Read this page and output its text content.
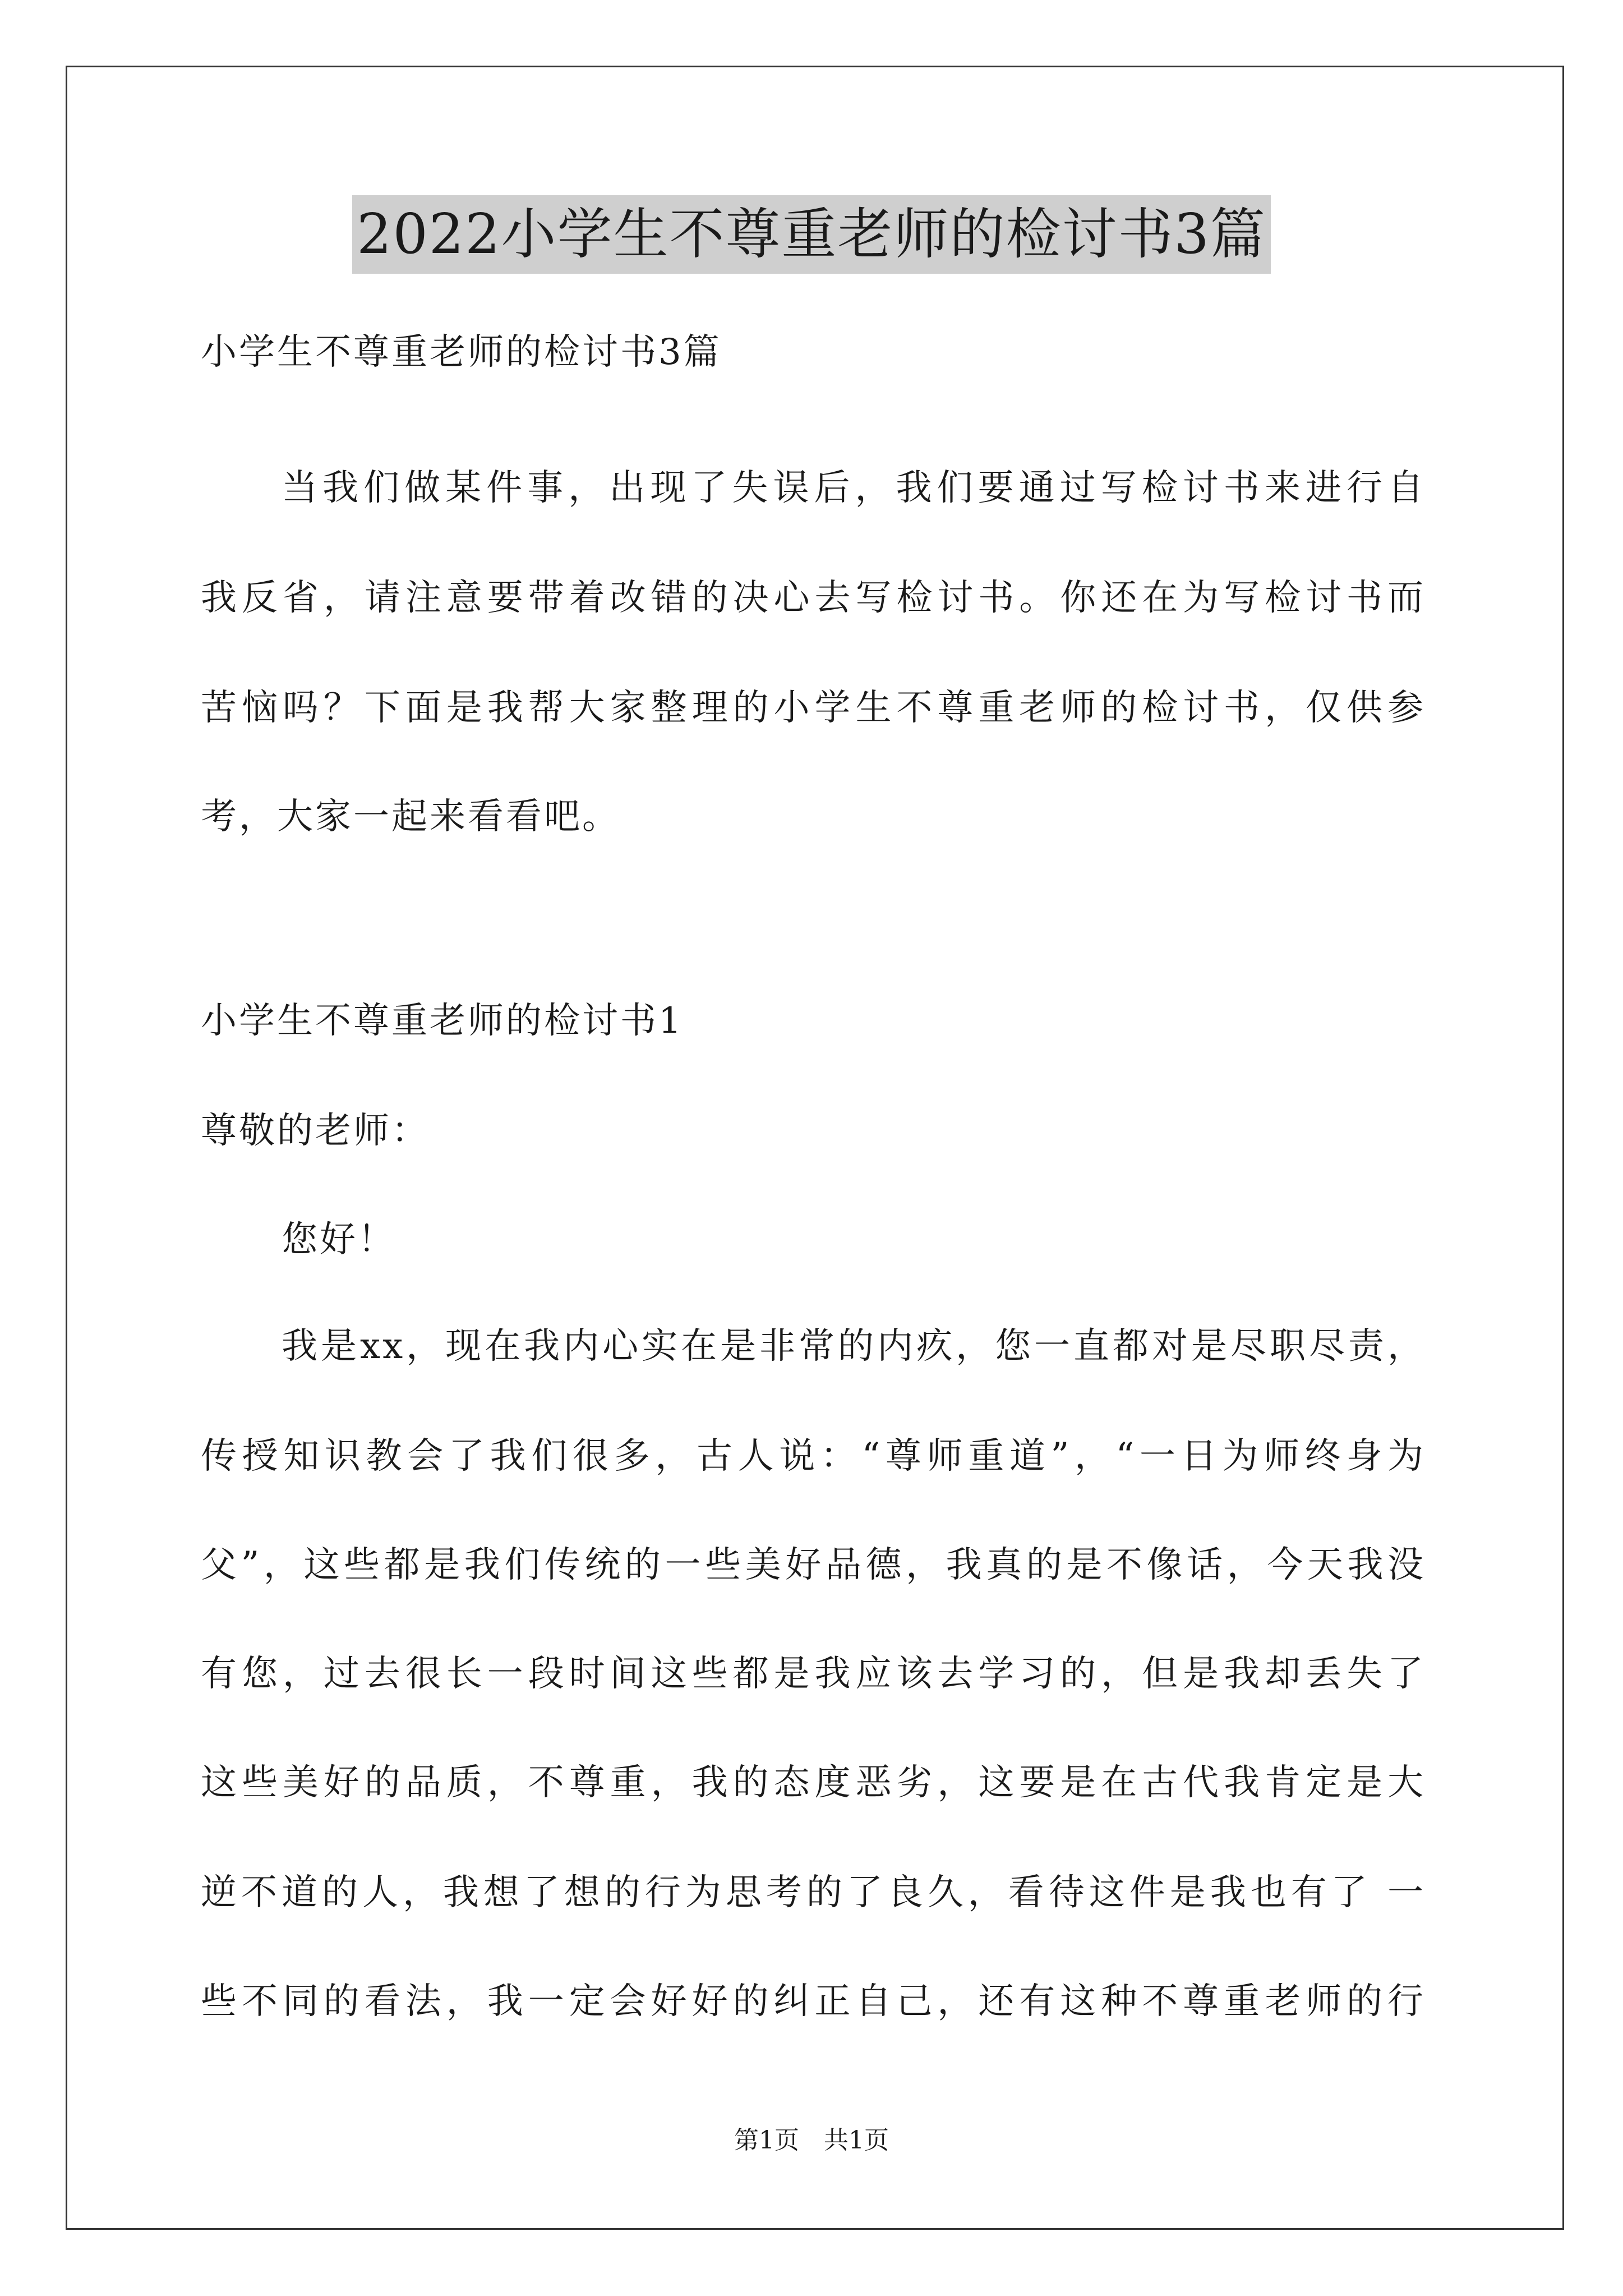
2022小学生不尊重老师的检讨书3篇
小学生不尊重老师的检讨书3篇
当我们做某件事，出现了失误后，我们要通过写检讨书来进行自
我反省，请注意要带着改错的决心去写检讨书。你还在为写检讨书而
苦恼吗？下面是我帮大家整理的小学生不尊重老师的检讨书，仅供参
考，大家一起来看看吧。
小学生不尊重老师的检讨书1
尊敬的老师：
您好！
我是xx，现在我内心实在是非常的内疚，您一直都对是尽职尽责，
传授知识教会了我们很多，古人说：“尊师重道”，“一日为师终身为
父”，这些都是我们传统的一些美好品德，我真的是不像话，今天我没
有您，过去很长一段时间这些都是我应该去学习的，但是我却丢失了
这些美好的品质，不尊重，我的态度恶劣，这要是在古代我肯定是大
逆不道的人，我想了想的行为思考的了良久，看待这件是我也有了 一
些不同的看法，我一定会好好的纠正自己，还有这种不尊重老师的行
第1页　共1页
